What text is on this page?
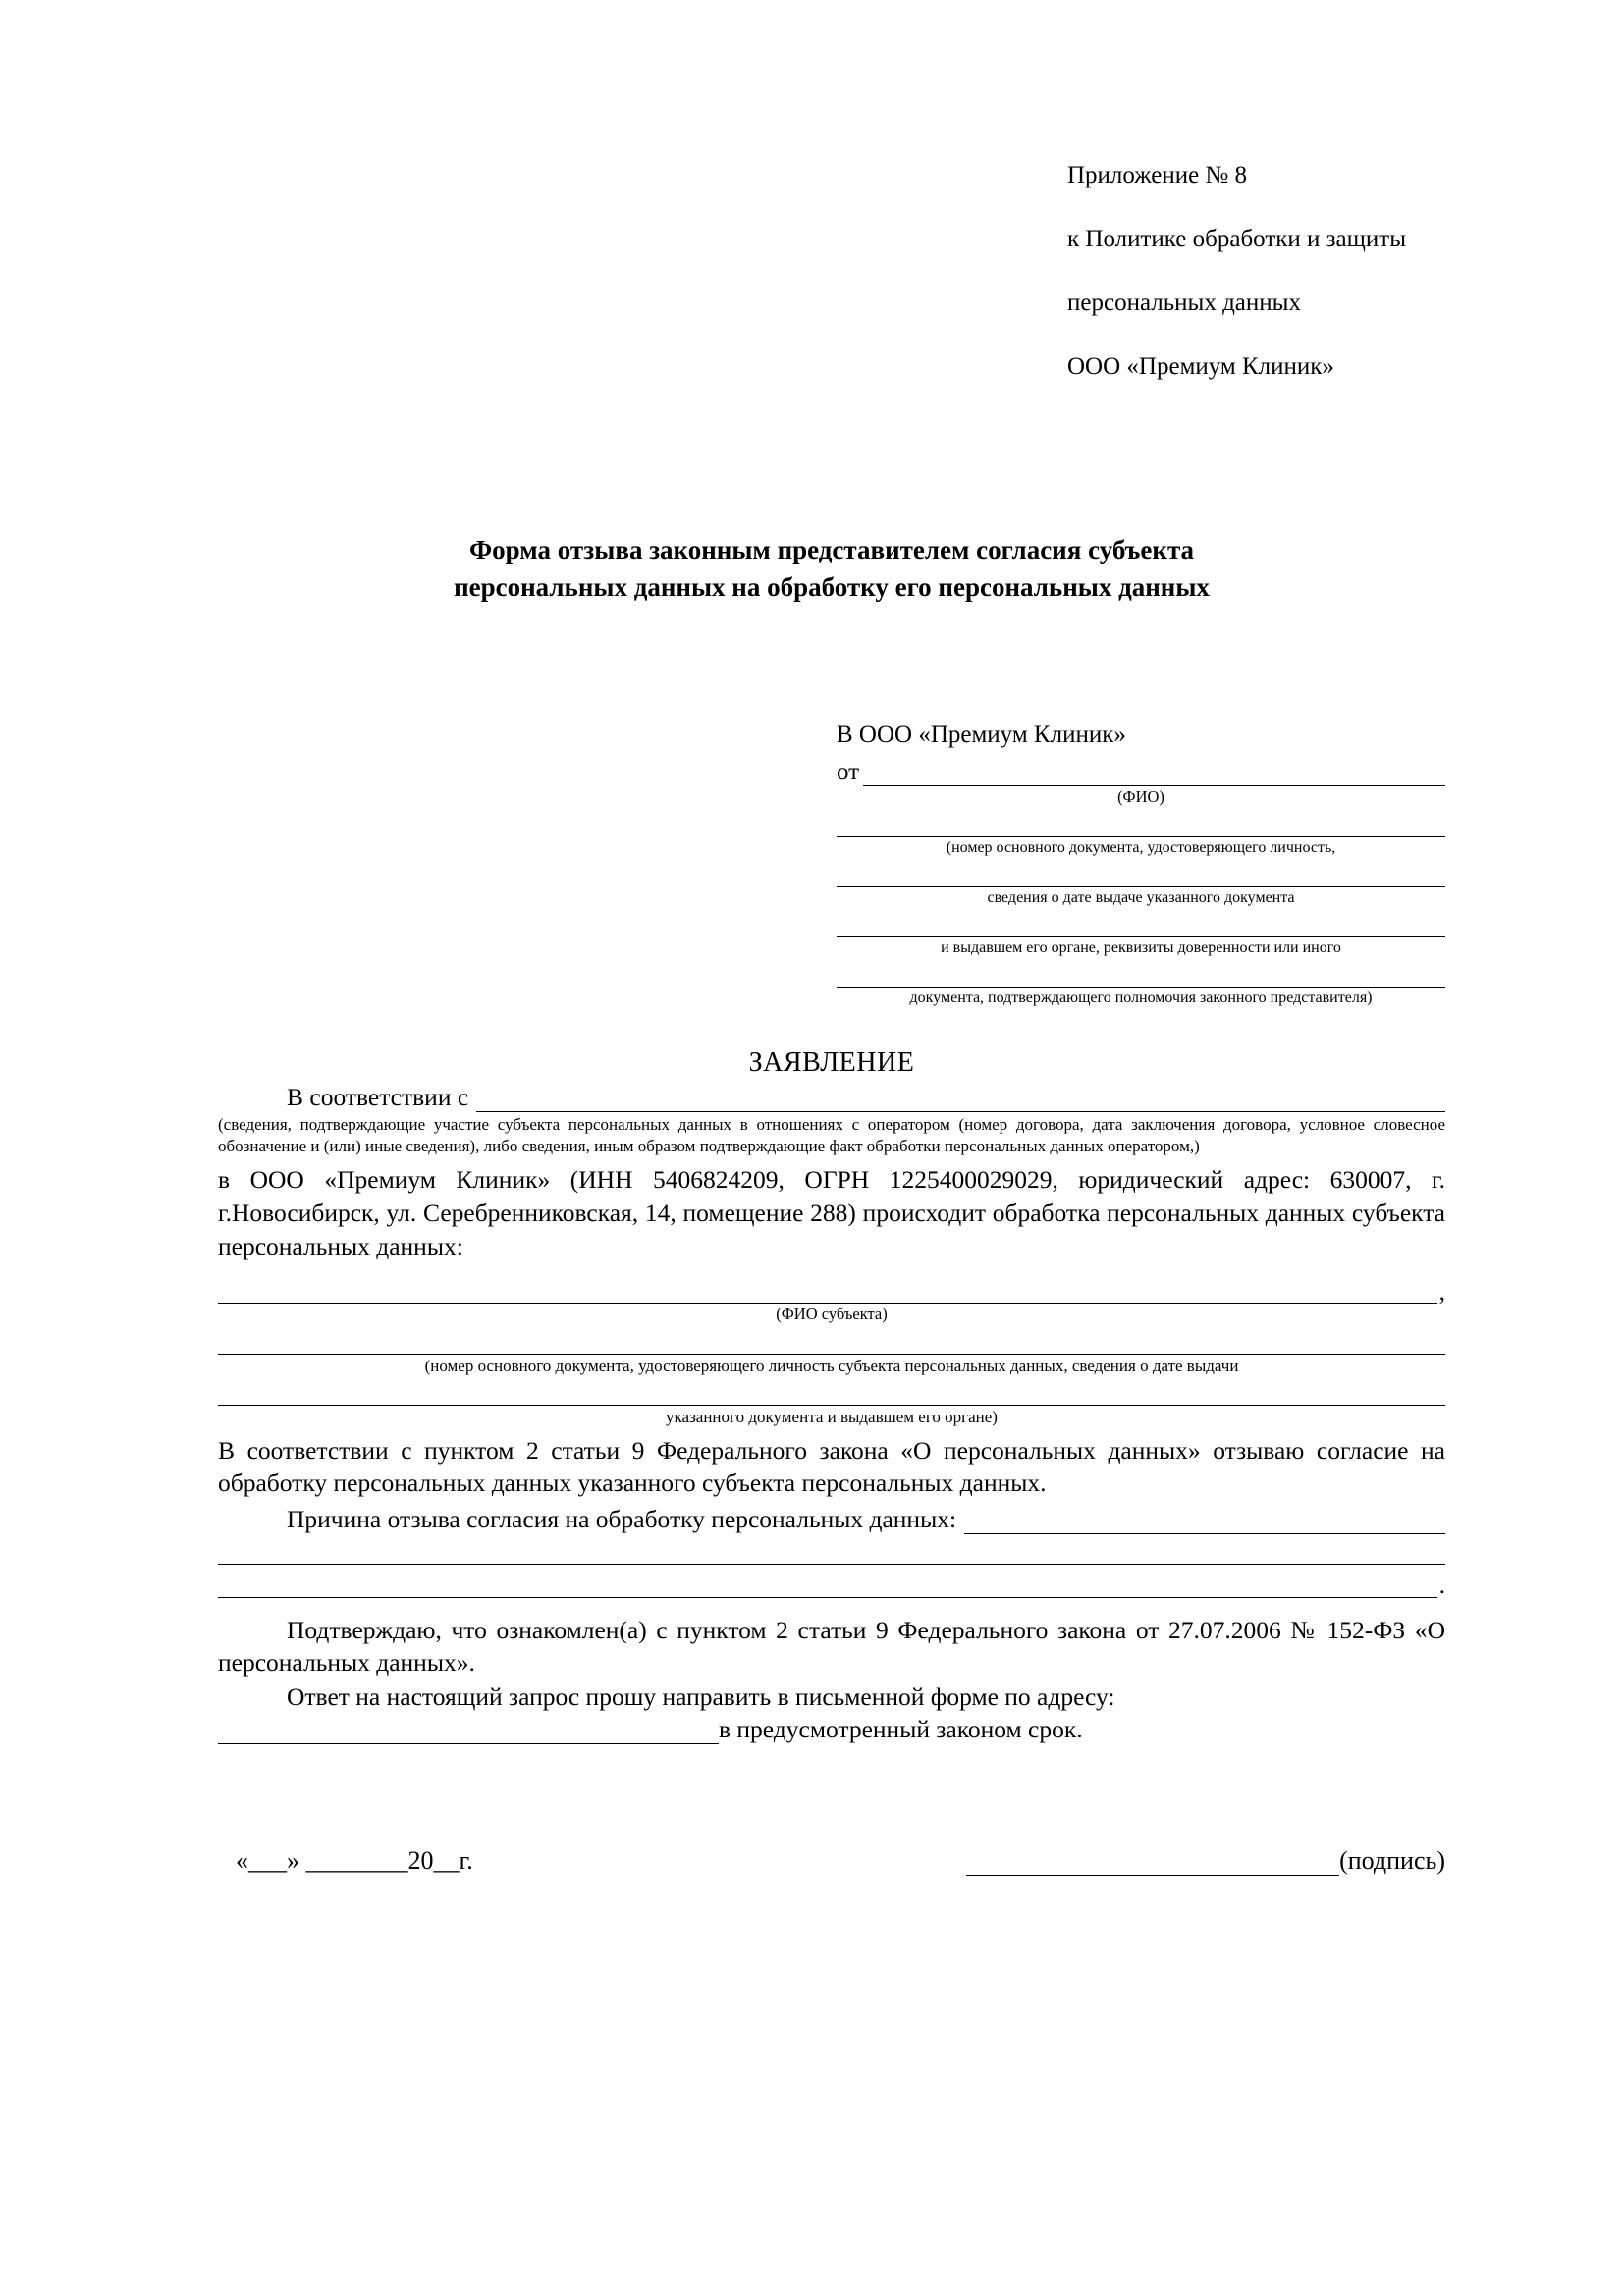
Приложение № 8

к Политике обработки и защиты

персональных данных

ООО «Премиум Клиник»

Форма отзыва законным представителем согласия субъекта
персональных данных на обработку его персональных данных
В ООО «Премиум Клиник»
от
(ФИО)
(номер основного документа, удостоверяющего личность,
сведения о дате выдаче указанного документа
и выдавшем его органе, реквизиты доверенности или иного
документа, подтверждающего полномочия законного представителя)
ЗАЯВЛЕНИЕ
В соответствии с
(сведения, подтверждающие участие субъекта персональных данных в отношениях с оператором (номер договора, дата заключения договора, условное словесное обозначение и (или) иные сведения), либо сведения, иным образом подтверждающие факт обработки персональных данных оператором,)

в ООО «Премиум Клиник» (ИНН 5406824209, ОГРН 1225400029029, юридический адрес: 630007, г. г.Новосибирск, ул. Серебренниковская, 14, помещение 288) происходит обработка персональных данных субъекта персональных данных:

,
(ФИО субъекта)
(номер основного документа, удостоверяющего личность субъекта персональных данных, сведения о дате выдачи
указанного документа и выдавшем его органе)

В соответствии с пунктом 2 статьи 9 Федерального закона «О персональных данных» отзываю согласие на обработку персональных данных указанного субъекта персональных данных.

Причина отзыва согласия на обработку персональных данных:
.

Подтверждаю, что ознакомлен(а) с пунктом 2 статьи 9 Федерального закона от 27.07.2006 № 152-ФЗ «О персональных данных».

Ответ на настоящий запрос прошу направить в письменной форме по адресу:

в предусмотренный законом срок.
«___» ________20__г.	(подпись)
